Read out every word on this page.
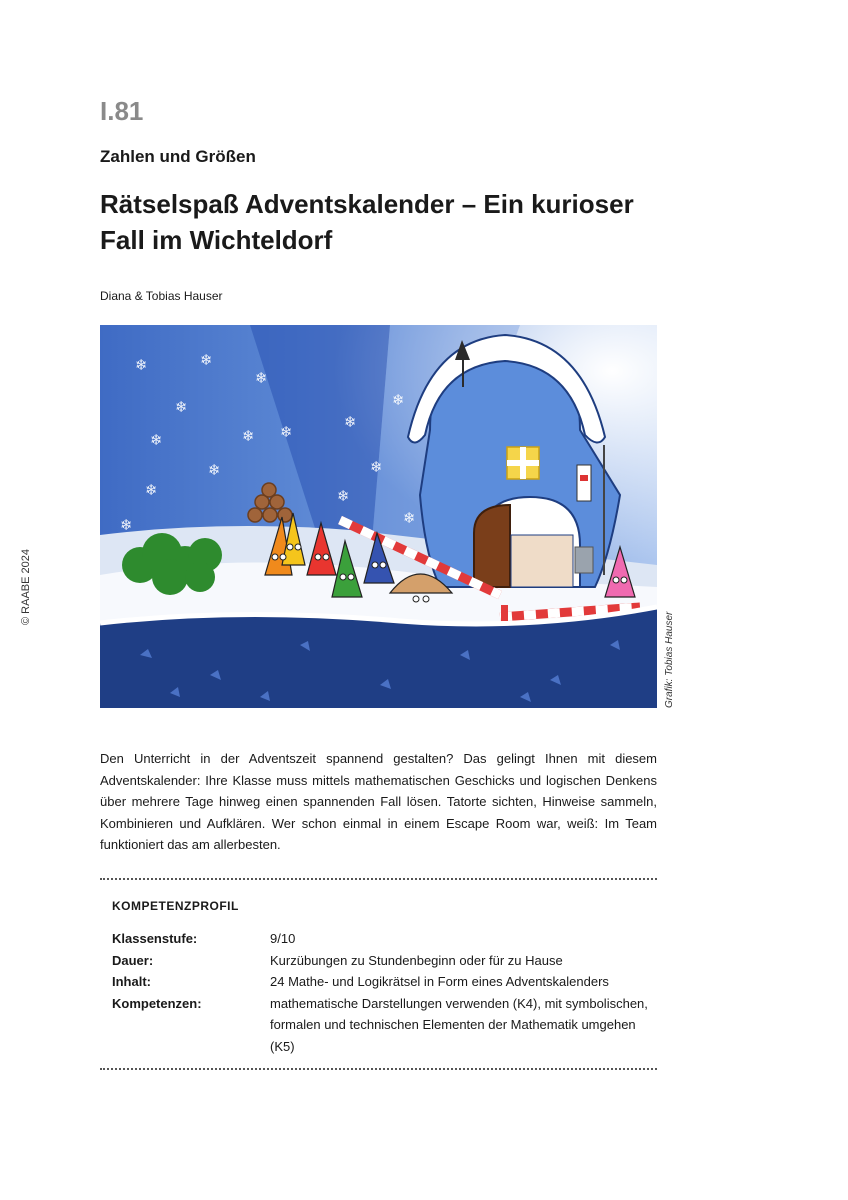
I.81
Zahlen und Größen
Rätselspaß Adventskalender – Ein kurioser Fall im Wichteldorf
Diana & Tobias Hauser
© RAABE 2024
❄	❄
❄
❄
❄	❄
❄
❄
❄
❄
❄
❄
❄
❄
❄
Grafik: Tobias Hauser
Den Unterricht in der Adventszeit spannend gestalten? Das gelingt Ihnen mit diesem Adventskalender: Ihre Klasse muss mittels mathematischen Geschicks und logischen Denkens über mehrere Tage hinweg einen spannenden Fall lösen. Tatorte sichten, Hinweise sammeln, Kombinieren und Aufklären. Wer schon einmal in einem Escape Room war, weiß: Im Team funktioniert das am allerbesten.
KOMPETENZPROFIL
Klassenstufe:	9/10
Dauer:	Kurzübungen zu Stundenbeginn oder für zu Hause
Inhalt:	24 Mathe- und Logikrätsel in Form eines Adventskalenders
Kompetenzen:	mathematische Darstellungen verwenden (K4), mit symbolischen, formalen und technischen Elementen der Mathematik umgehen (K5)
